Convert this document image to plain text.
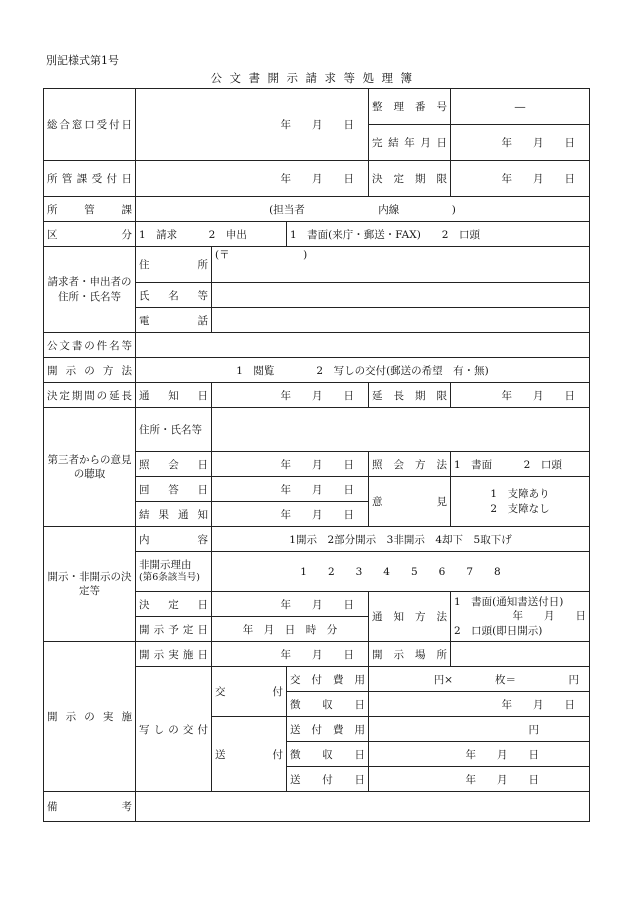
別記様式第1号
公文書開示請求等処理簿
総合窓口受付日	年　　月　　日			整理番号	―
				完結年月日	年　　月　　日
所管課受付日	年　　月　　日			決定期限	年　　月　　日

所管課	(担当者　　　　　　　内線　　　　　)				
区分	1　請求　　　2　申出		1　書面(来庁・郵送・FAX)　　2　口頭		
請求者・申出者の住所・氏名等	住所	(〒　　　　　　　)			
	氏名等				
	電話				
公文書の件名等					
開示の方法	1　閲覧　　　　2　写しの交付(郵送の希望　有・無)				
決定期間の延長	通知日	年　　月　　日		延長期限	年　　月　　日
第三者からの意見の聴取	住所・氏名等				
	照会日	年　　月　　日		照会方法	1　書面　　　2　口頭
	回答日	年　　月　　日		意見	1　支障あり
2　支障なし

	結果通知	年　　月　　日			
開示・非開示の決定等	内容	1開示　2部分開示　3非開示　4却下　5取下げ			

	非開示理由
(第6条該当号)	1　　2　　3　　4　　5　　6　　7　　8			
	決定日	年　　月　　日		通知方法	1　書面(通知書送付日)
年　　月　　日
2　口頭(即日開示)

	開示予定日	年　月　日　時　分			
開示の実施	開示実施日	年　　月　　日		開示場所	
	写しの交付	交付	交付費用	円×　　　　枚＝　　　　　円	
			徴収日	年　　月　　日	
		送付	送付費用	円	
			徴収日	年　　月　　日	
			送付日	年　　月　　日	
備考					
